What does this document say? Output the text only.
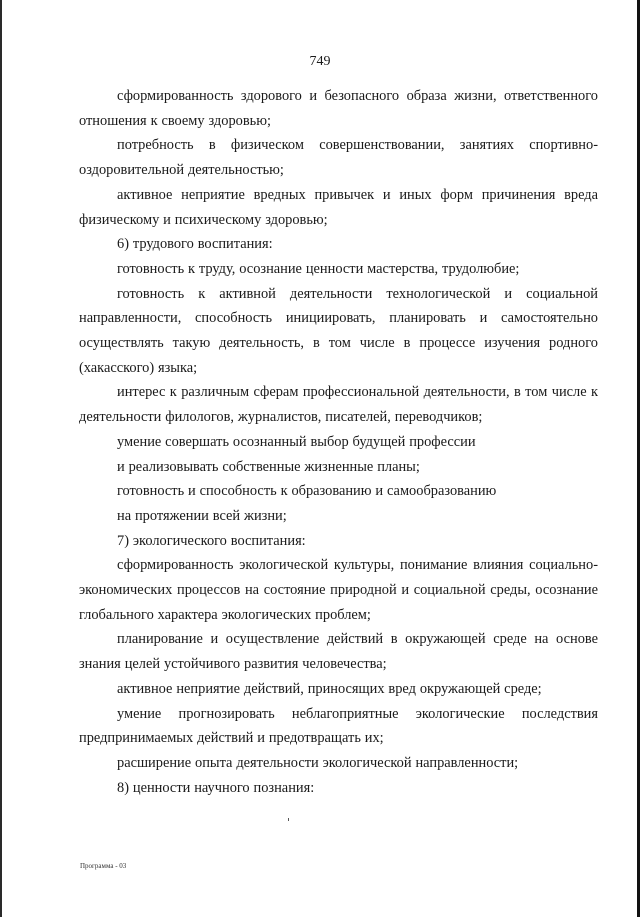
749

сформированность здорового и безопасного образа жизни, ответственного отношения к своему здоровью;

потребность в физическом совершенствовании, занятиях спортивно-оздоровительной деятельностью;

активное неприятие вредных привычек и иных форм причинения вреда физическому и психическому здоровью;

6) трудового воспитания:

готовность к труду, осознание ценности мастерства, трудолюбие;

готовность к активной деятельности технологической и социальной направленности, способность инициировать, планировать и самостоятельно осуществлять такую деятельность, в том числе в процессе изучения родного (хакасского) языка;

интерес к различным сферам профессиональной деятельности, в том числе к деятельности филологов, журналистов, писателей, переводчиков;

умение совершать осознанный выбор будущей профессии

и реализовывать собственные жизненные планы;

готовность и способность к образованию и самообразованию

на протяжении всей жизни;

7) экологического воспитания:

сформированность экологической культуры, понимание влияния социально-экономических процессов на состояние природной и социальной среды, осознание глобального характера экологических проблем;

планирование и осуществление действий в окружающей среде на основе знания целей устойчивого развития человечества;

активное неприятие действий, приносящих вред окружающей среде;

умение прогнозировать неблагоприятные экологические последствия предпринимаемых действий и предотвращать их;

расширение опыта деятельности экологической направленности;

8) ценности научного познания:

Программа - 03
